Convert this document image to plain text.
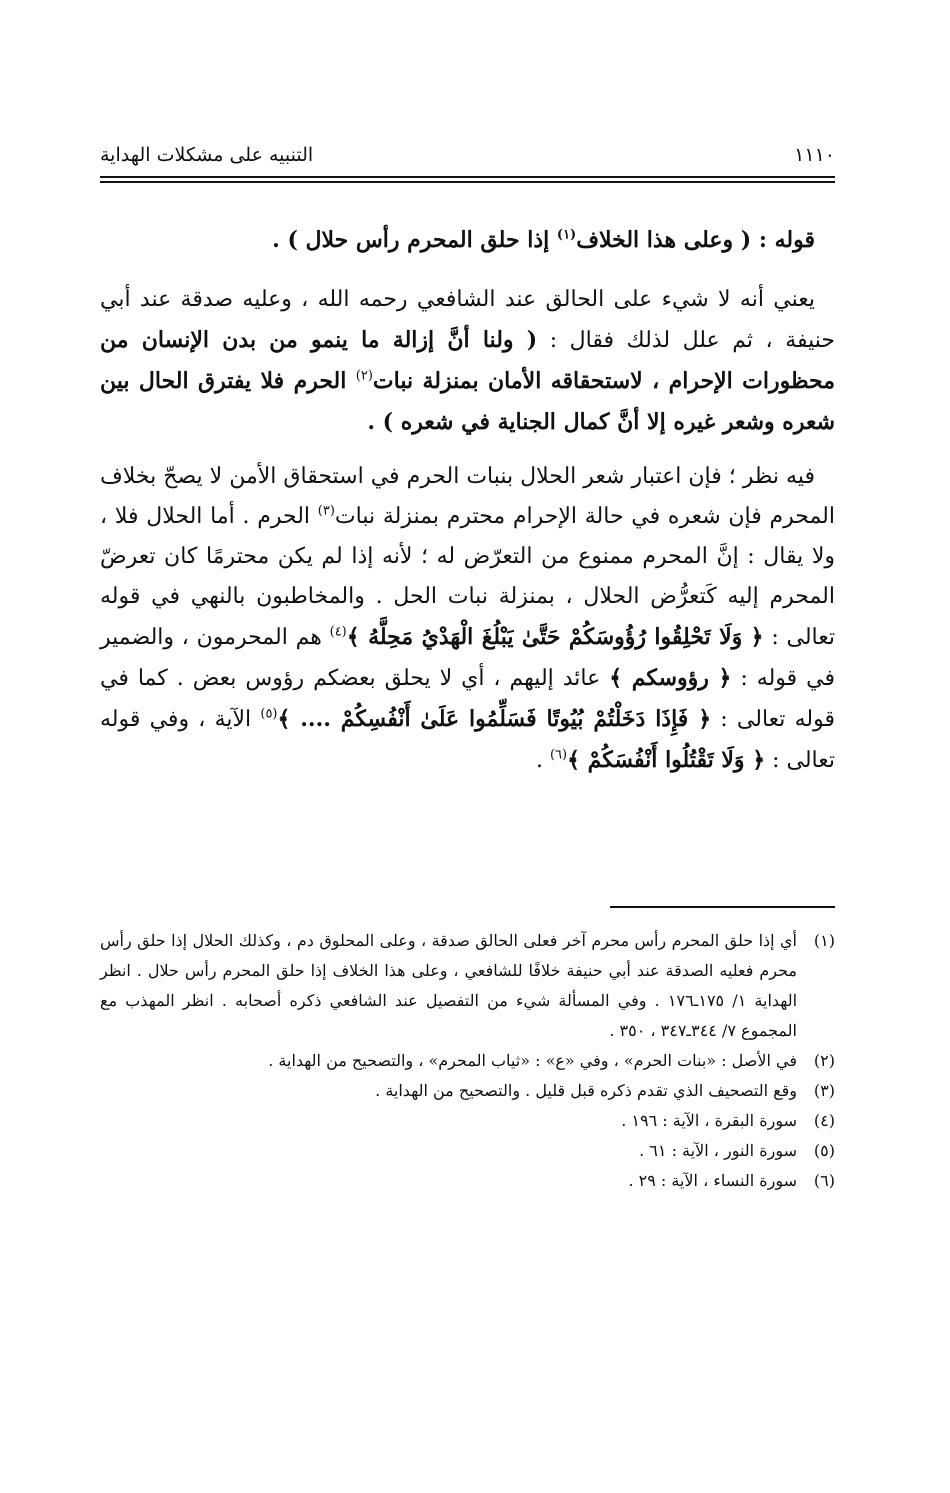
١١١٠
التنبيه على مشكلات الهداية

قوله : ( وعلى هذا الخلاف$^{(١)}$ إذا حلق المحرم رأس حلال ) .

يعني أنه لا شيء على الحالق عند الشافعي رحمه الله ، وعليه صدقة عند أبي حنيفة ، ثم علل لذلك فقال : ( ولنا أنَّ إزالة ما ينمو من بدن الإنسان من محظورات الإحرام ، لاستحقاقه الأمان بمنزلة نبات$^{(٢)}$ الحرم فلا يفترق الحال بين شعره وشعر غيره إلا أنَّ كمال الجناية في شعره ) .

فيه نظر ؛ فإن اعتبار شعر الحلال بنبات الحرم في استحقاق الأمن لا يصحّ بخلاف المحرم فإن شعره في حالة الإحرام محترم بمنزلة نبات$^{(٣)}$ الحرم . أما الحلال فلا ، ولا يقال : إنَّ المحرم ممنوع من التعرّض له ؛ لأنه إذا لم يكن محترمًا كان تعرضّ المحرم إليه كَتعرُّض الحلال ، بمنزلة نبات الحل . والمخاطبون بالنهي في قوله تعالى : ﴿ وَلَا تَحْلِقُوا رُؤُوسَكُمْ حَتَّىٰ يَبْلُغَ الْهَدْيُ مَحِلَّهُ ﴾$^{(٤)}$ هم المحرمون ، والضمير في قوله : ﴿ رؤوسكم ﴾ عائد إليهم ، أي لا يحلق بعضكم رؤوس بعض . كما في قوله تعالى : ﴿ فَإِذَا دَخَلْتُمْ بُيُوتًا فَسَلِّمُوا عَلَىٰ أَنْفُسِكُمْ .... ﴾$^{(٥)}$ الآية ، وفي قوله تعالى : ﴿ وَلَا تَقْتُلُوا أَنْفُسَكُمْ ﴾$^{(٦)}$ .

(١)
أي إذا حلق المحرم رأس محرم آخر فعلى الحالق صدقة ، وعلى المحلوق دم ، وكذلك الحلال إذا حلق رأس محرم فعليه الصدقة عند أبي حنيفة خلافًا للشافعي ، وعلى هذا الخلاف إذا حلق المحرم رأس حلال . انظر الهداية ١/ ١٧٥ـ١٧٦ . وفي المسألة شيء من التفصيل عند الشافعي ذكره أصحابه . انظر المهذب مع المجموع ٧/ ٣٤٤ـ٣٤٧ ، ٣٥٠ .
(٢)
في الأصل : «بنات الحرم» ، وفي «ع» : «ثياب المحرم» ، والتصحيح من الهداية .
(٣)
وقع التصحيف الذي تقدم ذكره قبل قليل . والتصحيح من الهداية .
(٤)
سورة البقرة ، الآية : ١٩٦ .
(٥)
سورة النور ، الآية : ٦١ .
(٦)
سورة النساء ، الآية : ٢٩ .
